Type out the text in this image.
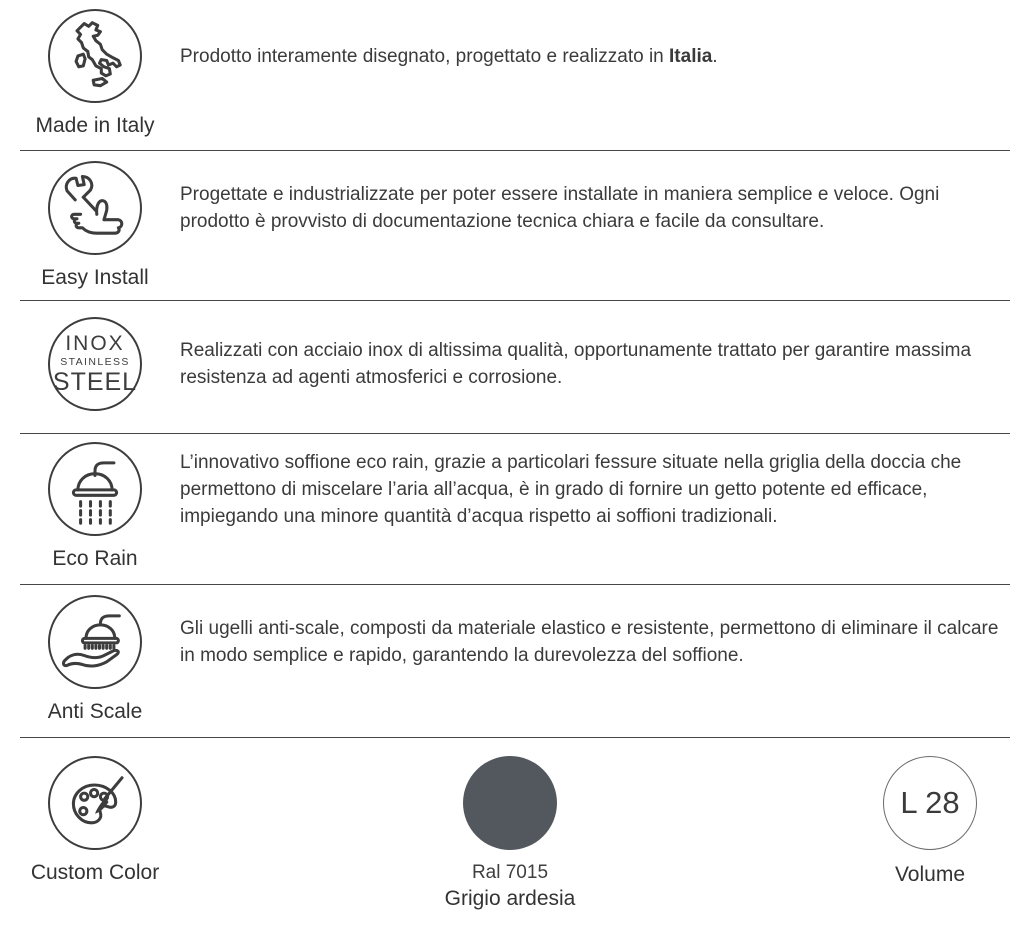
Made in Italy

Prodotto interamente disegnato, progettato e realizzato in Italia.

Easy Install

Progettate e industrializzate per poter essere installate in maniera semplice e veloce. Ogni prodotto è provvisto di documentazione tecnica chiara e facile da consultare.

INOX
STAINLESS
STEEL

Realizzati con acciaio inox di altissima qualità, opportunamente trattato per garantire massima resistenza ad agenti atmosferici e corrosione.

Eco Rain

L’innovativo soffione eco rain, grazie a particolari fessure situate nella griglia della doccia che permettono di miscelare l’aria all’acqua, è in grado di fornire un getto potente ed efficace, impiegando una minore quantità d’acqua rispetto ai soffioni tradizionali.

Anti Scale

Gli ugelli anti-scale, composti da materiale elastico e resistente, permettono di eliminare il calcare in modo semplice e rapido, garantendo la durevolezza del soffione.

Custom Color	Ral 7015
Grigio ardesia
L 28
Volume
